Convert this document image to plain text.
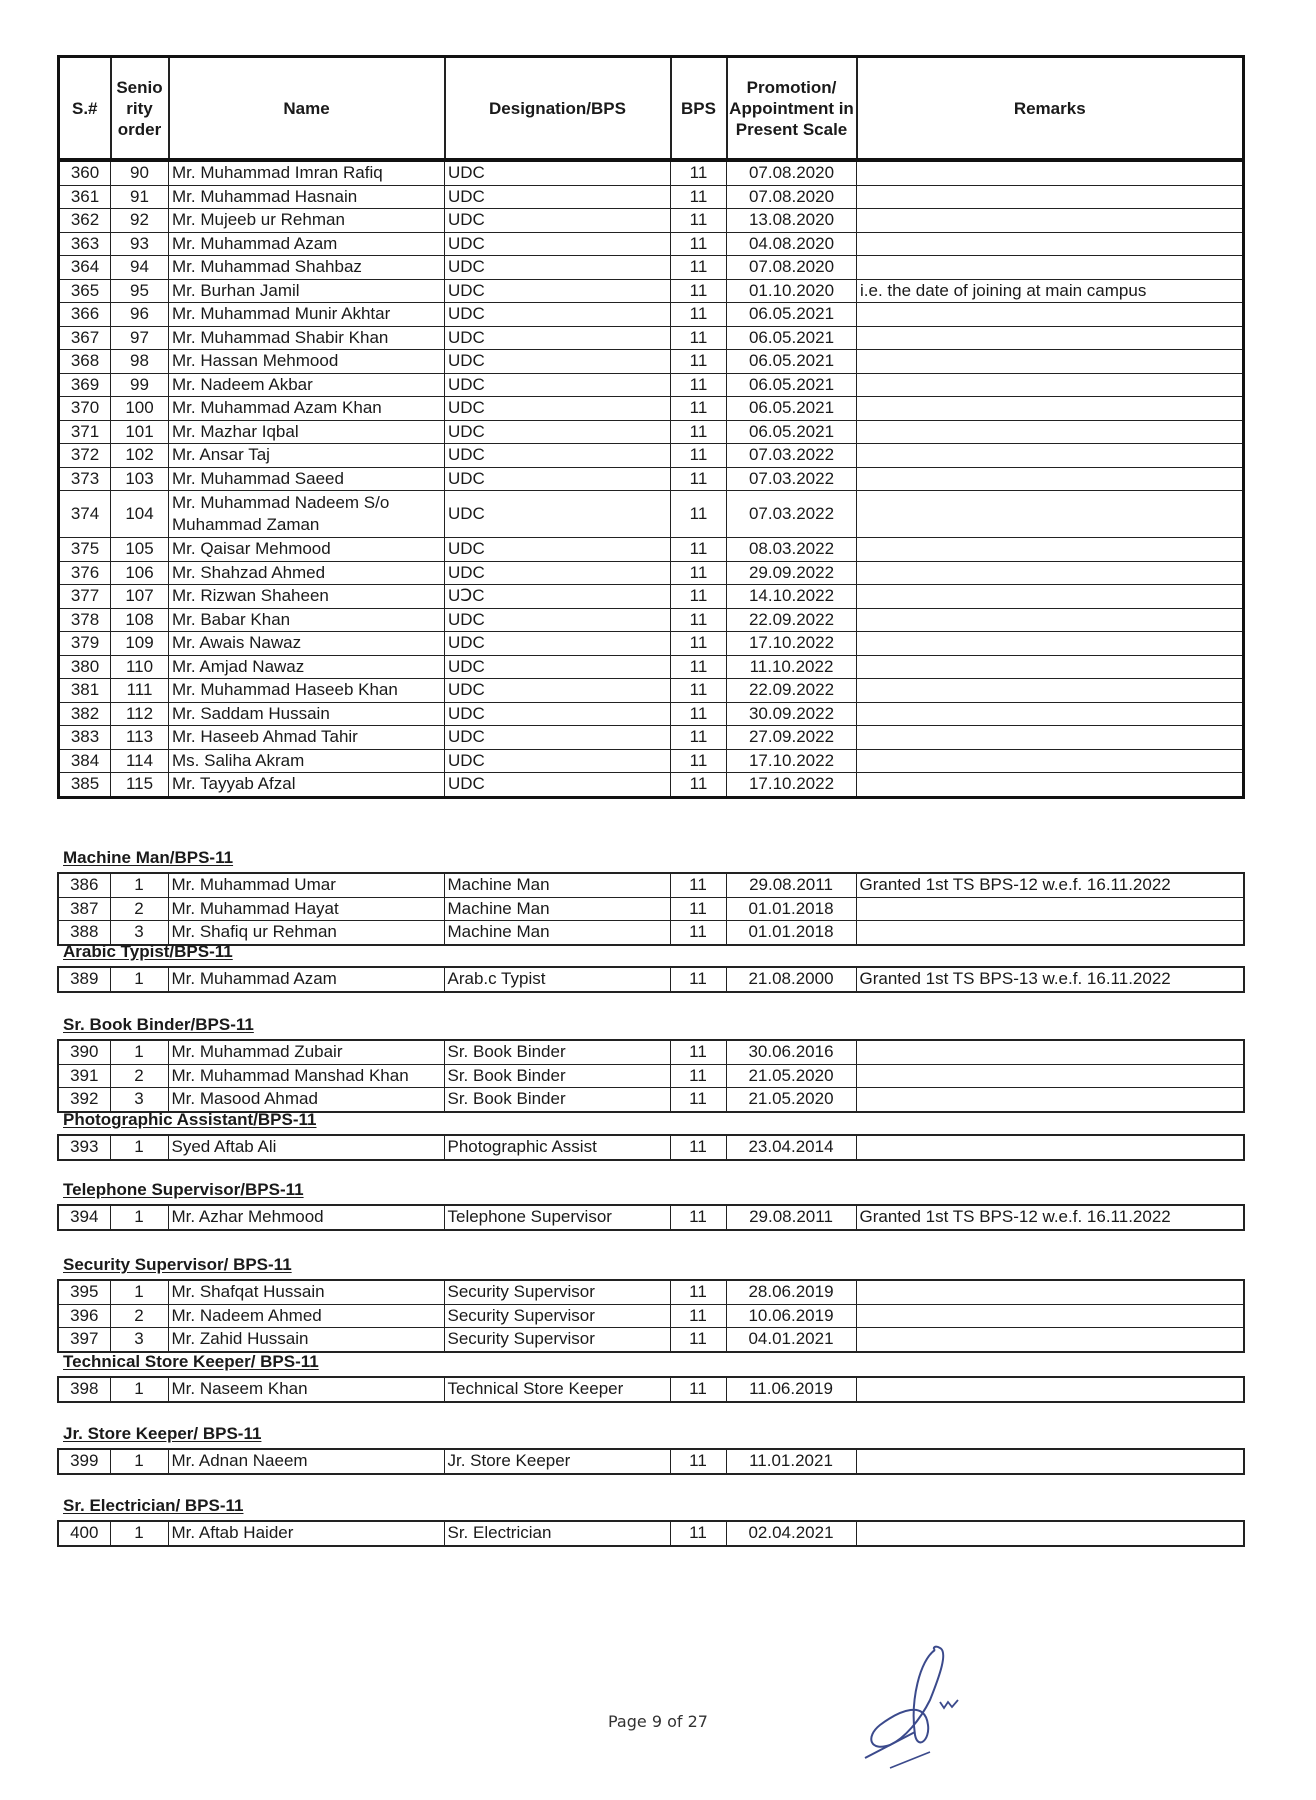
S.#	Senio rity order	Name	Designation/BPS	BPS	Promotion/ Appointment in Present Scale	Remarks
360	90	Mr. Muhammad Imran Rafiq	UDC	11	07.08.2020	
361	91	Mr. Muhammad Hasnain	UDC	11	07.08.2020	
362	92	Mr. Mujeeb ur Rehman	UDC	11	13.08.2020	
363	93	Mr. Muhammad Azam	UDC	11	04.08.2020	
364	94	Mr. Muhammad Shahbaz	UDC	11	07.08.2020	
365	95	Mr. Burhan Jamil	UDC	11	01.10.2020	i.e. the date of joining at main campus
366	96	Mr. Muhammad Munir Akhtar	UDC	11	06.05.2021	
367	97	Mr. Muhammad Shabir Khan	UDC	11	06.05.2021	
368	98	Mr. Hassan Mehmood	UDC	11	06.05.2021	
369	99	Mr. Nadeem Akbar	UDC	11	06.05.2021	
370	100	Mr. Muhammad Azam Khan	UDC	11	06.05.2021	
371	101	Mr. Mazhar Iqbal	UDC	11	06.05.2021	
372	102	Mr. Ansar Taj	UDC	11	07.03.2022	
373	103	Mr. Muhammad Saeed	UDC	11	07.03.2022	
374	104	Mr. Muhammad Nadeem S/o Muhammad Zaman	UDC	11	07.03.2022	
375	105	Mr. Qaisar Mehmood	UDC	11	08.03.2022	
376	106	Mr. Shahzad Ahmed	UDC	11	29.09.2022	
377	107	Mr. Rizwan Shaheen	UↃC	11	14.10.2022	
378	108	Mr. Babar Khan	UDC	11	22.09.2022	
379	109	Mr. Awais Nawaz	UDC	11	17.10.2022	
380	110	Mr. Amjad Nawaz	UDC	11	11.10.2022	
381	111	Mr. Muhammad Haseeb Khan	UDC	11	22.09.2022	
382	112	Mr. Saddam Hussain	UDC	11	30.09.2022	
383	113	Mr. Haseeb Ahmad Tahir	UDC	11	27.09.2022	
384	114	Ms. Saliha Akram	UDC	11	17.10.2022	
385	115	Mr. Tayyab Afzal	UDC	11	17.10.2022	
Machine Man/BPS-11
386	1	Mr. Muhammad Umar	Machine Man	11	29.08.2011	Granted 1st TS BPS-12 w.e.f. 16.11.2022
387	2	Mr. Muhammad Hayat	Machine Man	11	01.01.2018	
388	3	Mr. Shafiq ur Rehman	Machine Man	11	01.01.2018	
Arabic Typist/BPS-11
389	1	Mr. Muhammad Azam	Arab.c Typist	11	21.08.2000	Granted 1st TS BPS-13 w.e.f. 16.11.2022
Sr. Book Binder/BPS-11
390	1	Mr. Muhammad Zubair	Sr. Book Binder	11	30.06.2016	
391	2	Mr. Muhammad Manshad Khan	Sr. Book Binder	11	21.05.2020	
392	3	Mr. Masood Ahmad	Sr. Book Binder	11	21.05.2020	
Photographic Assistant/BPS-11
393	1	Syed Aftab Ali	Photographic Assist	11	23.04.2014	
Telephone Supervisor/BPS-11
394	1	Mr. Azhar Mehmood	Telephone Supervisor	11	29.08.2011	Granted 1st TS BPS-12 w.e.f. 16.11.2022
Security Supervisor/ BPS-11
395	1	Mr. Shafqat Hussain	Security Supervisor	11	28.06.2019	
396	2	Mr. Nadeem Ahmed	Security Supervisor	11	10.06.2019	
397	3	Mr. Zahid Hussain	Security Supervisor	11	04.01.2021	
Technical Store Keeper/ BPS-11
398	1	Mr. Naseem Khan	Technical Store Keeper	11	11.06.2019	
Jr. Store Keeper/ BPS-11
399	1	Mr. Adnan Naeem	Jr. Store Keeper	11	11.01.2021	
Sr. Electrician/ BPS-11
400	1	Mr. Aftab Haider	Sr. Electrician	11	02.04.2021	
Page 9 of 27
